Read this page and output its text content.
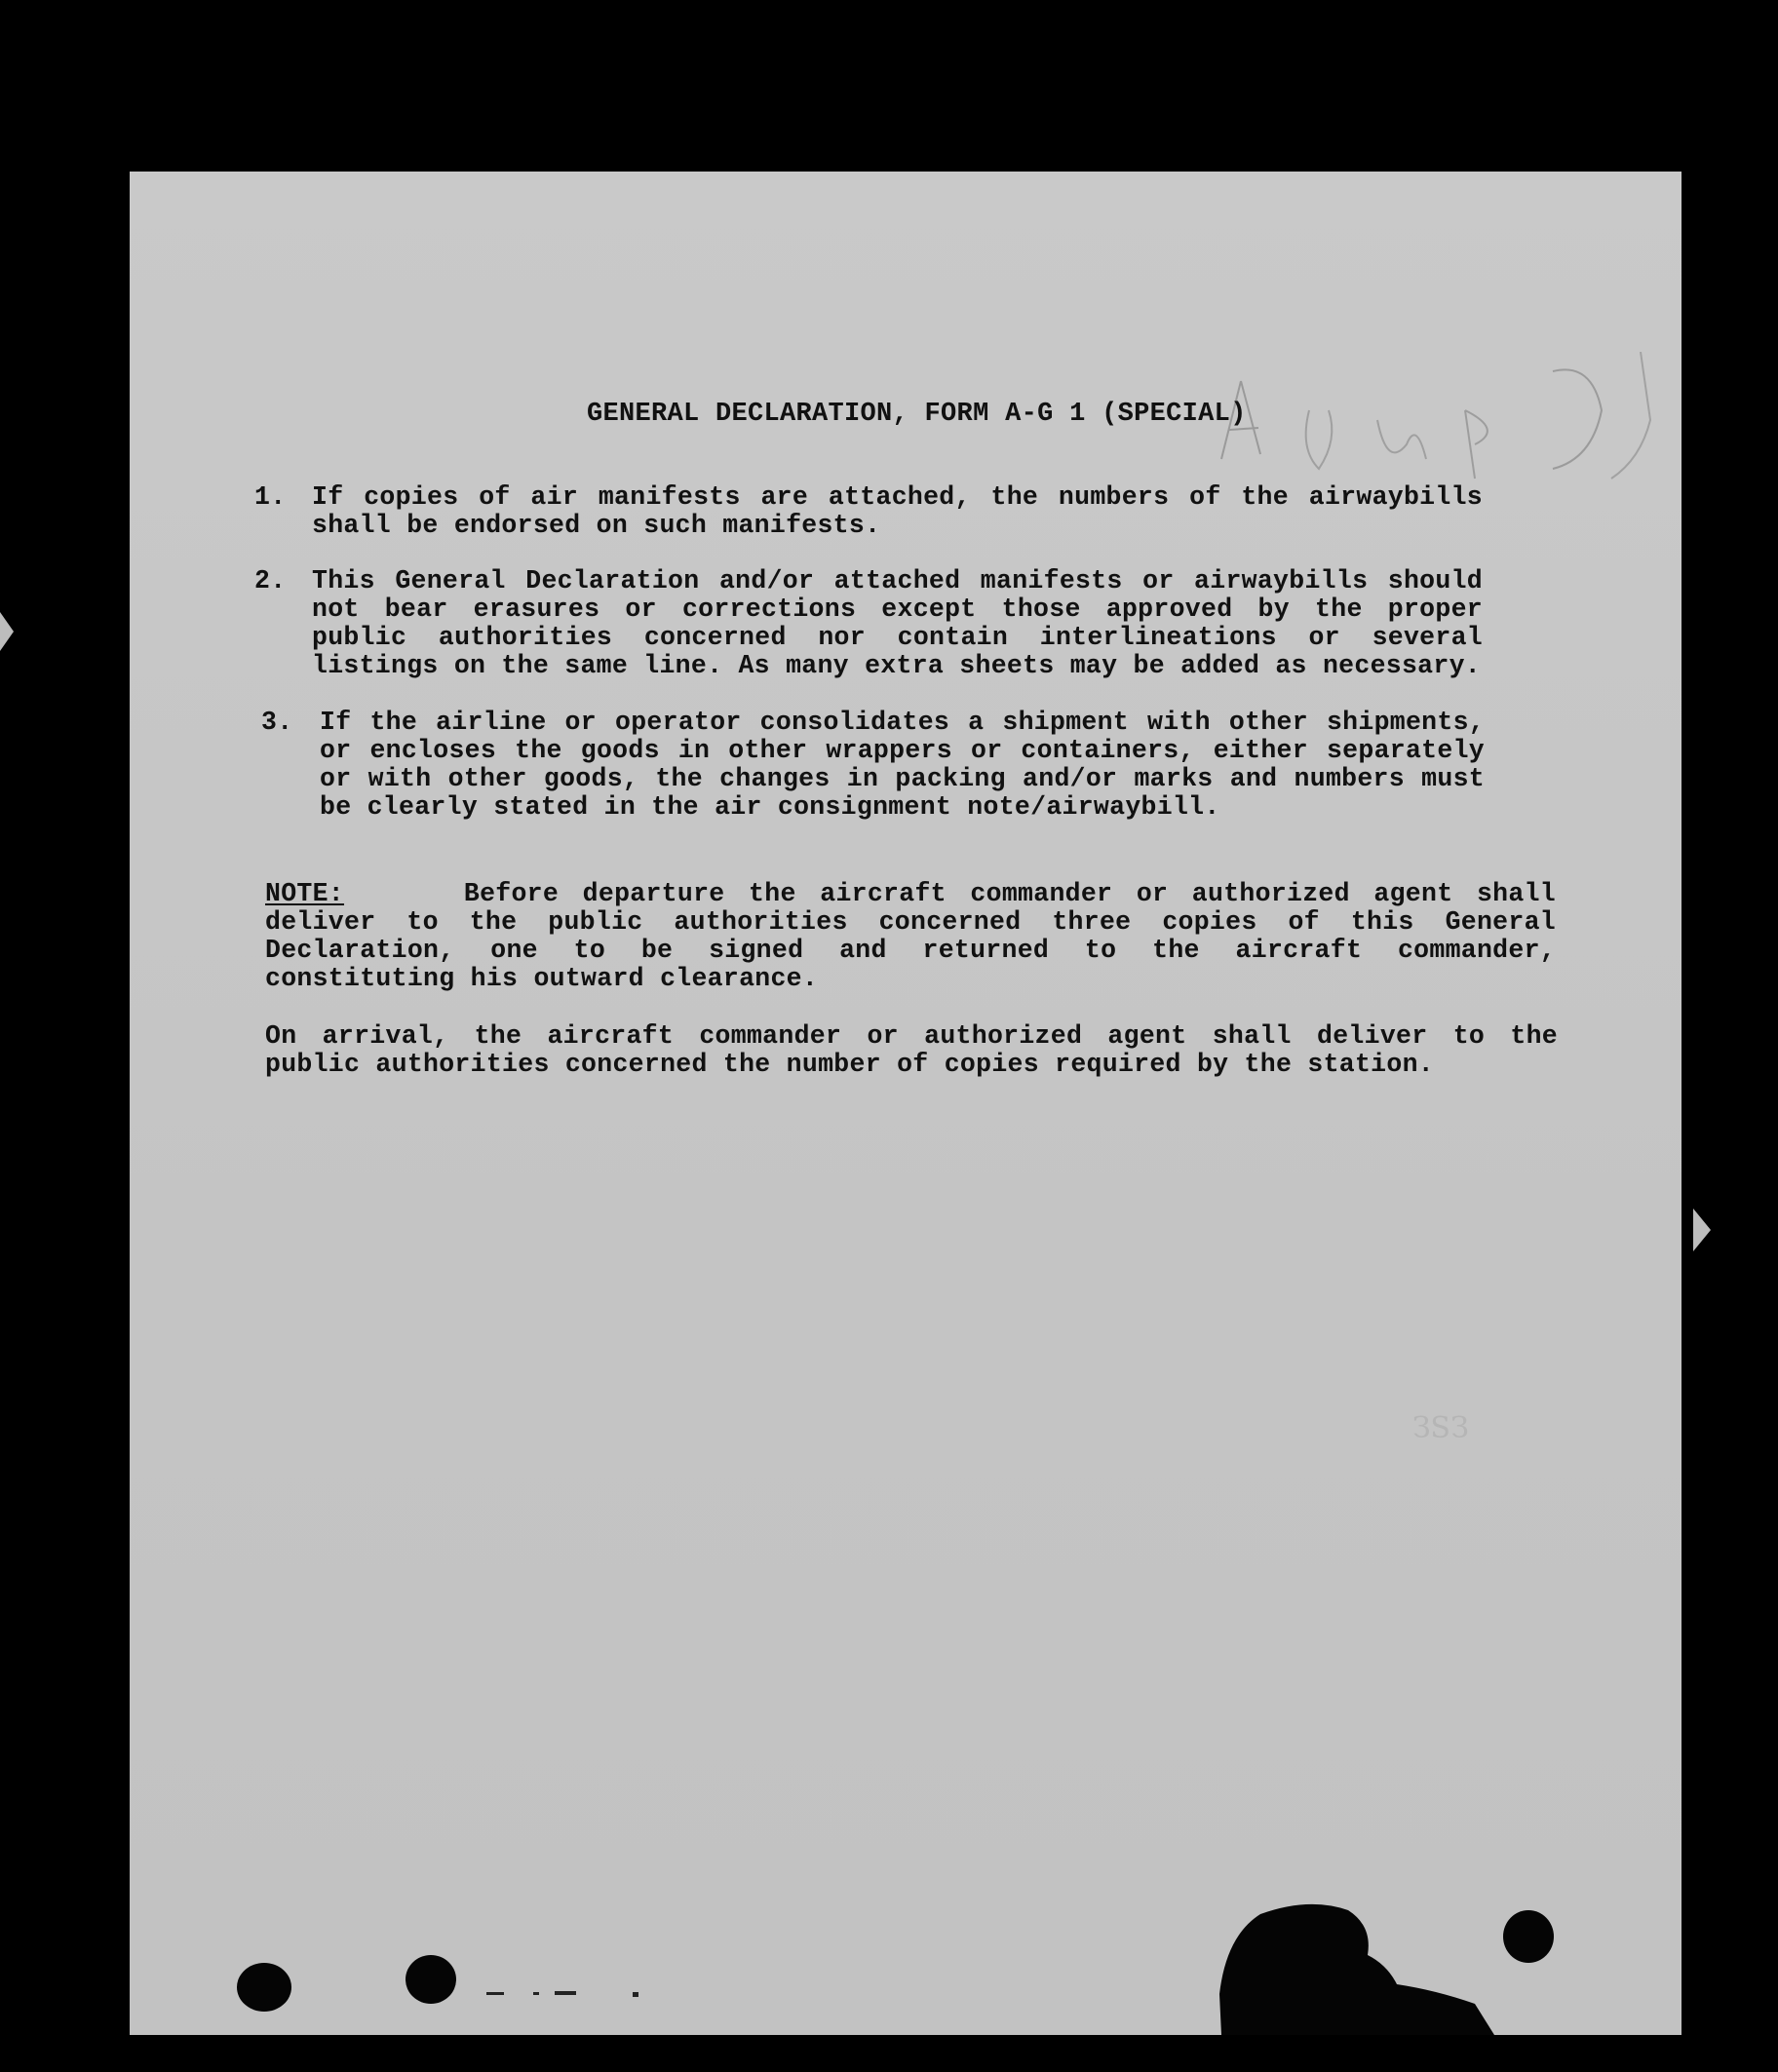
GENERAL DECLARATION, FORM A-G 1 (SPECIAL)
1. If copies of air manifests are attached, the numbers of the airwaybills shall be endorsed on such manifests.
2. This General Declaration and/or attached manifests or airwaybills should not bear erasures or corrections except those approved by the proper public authorities concerned nor contain interlineations or several listings on the same line. As many extra sheets may be added as necessary.
3. If the airline or operator consolidates a shipment with other shipments, or encloses the goods in other wrappers or containers, either separately or with other goods, the changes in packing and/or marks and numbers must be clearly stated in the air consignment note/airwaybill.
NOTE:	Before departure the aircraft commander or authorized agent shall deliver to the public authorities concerned three copies of this General Declaration, one to be signed and returned to the aircraft commander, constituting his outward clearance.
On arrival, the aircraft commander or authorized agent shall deliver to the public authorities concerned the number of copies required by the station.
ƐƧƐ
